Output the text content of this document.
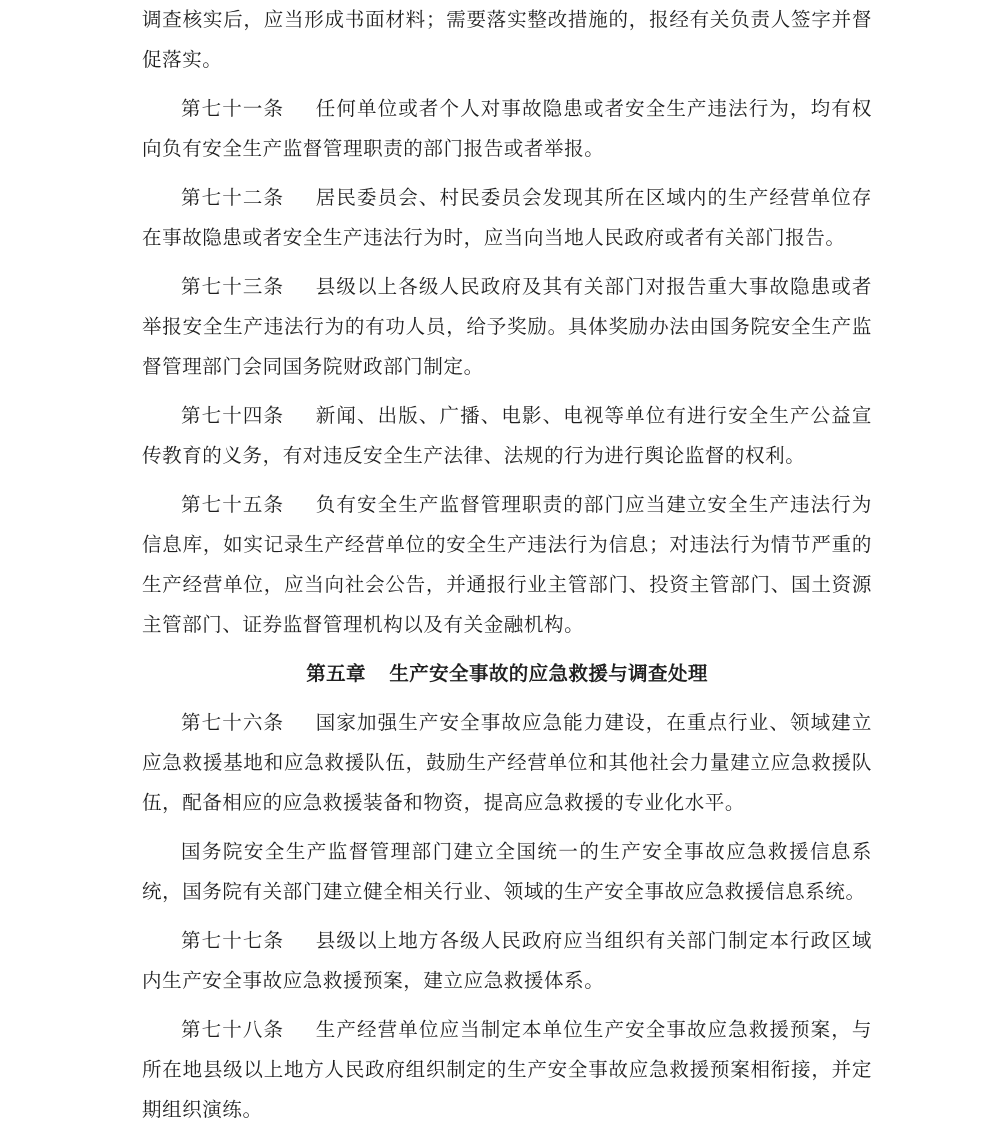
调查核实后，应当形成书面材料；需要落实整改措施的，报经有关负责人签字并督促落实。

第七十一条 任何单位或者个人对事故隐患或者安全生产违法行为，均有权向负有安全生产监督管理职责的部门报告或者举报。

第七十二条 居民委员会、村民委员会发现其所在区域内的生产经营单位存在事故隐患或者安全生产违法行为时，应当向当地人民政府或者有关部门报告。

第七十三条 县级以上各级人民政府及其有关部门对报告重大事故隐患或者举报安全生产违法行为的有功人员，给予奖励。具体奖励办法由国务院安全生产监督管理部门会同国务院财政部门制定。

第七十四条 新闻、出版、广播、电影、电视等单位有进行安全生产公益宣传教育的义务，有对违反安全生产法律、法规的行为进行舆论监督的权利。

第七十五条 负有安全生产监督管理职责的部门应当建立安全生产违法行为信息库，如实记录生产经营单位的安全生产违法行为信息；对违法行为情节严重的生产经营单位，应当向社会公告，并通报行业主管部门、投资主管部门、国土资源主管部门、证券监督管理机构以及有关金融机构。

第五章 生产安全事故的应急救援与调查处理

第七十六条 国家加强生产安全事故应急能力建设，在重点行业、领域建立应急救援基地和应急救援队伍，鼓励生产经营单位和其他社会力量建立应急救援队伍，配备相应的应急救援装备和物资，提高应急救援的专业化水平。

国务院安全生产监督管理部门建立全国统一的生产安全事故应急救援信息系统，国务院有关部门建立健全相关行业、领域的生产安全事故应急救援信息系统。

第七十七条 县级以上地方各级人民政府应当组织有关部门制定本行政区域内生产安全事故应急救援预案，建立应急救援体系。

第七十八条 生产经营单位应当制定本单位生产安全事故应急救援预案，与所在地县级以上地方人民政府组织制定的生产安全事故应急救援预案相衔接，并定期组织演练。
